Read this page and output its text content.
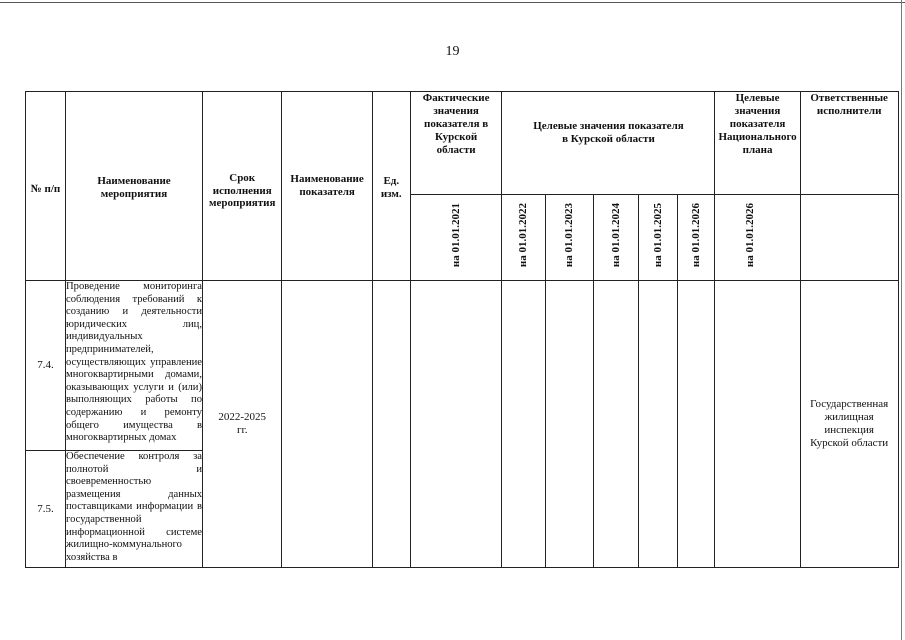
19
№ п/п	Наименование мероприятия	Срок исполнения мероприятия	Наименование показателя	Ед. изм.	Фактические значения показателя в Курской области	Целевые значения показателя в Курской области					Целевые значения показателя Национального плана	Ответственные исполнители

					на 01.01.2021	на 01.01.2022	на 01.01.2023	на 01.01.2024	на 01.01.2025	на 01.01.2026	на 01.01.2026	
7.4.	Проведение мониторинга соблюдения требований к созданию и деятельности юридических лиц, индивидуальных предпринимателей, осуществляющих управление многоквартирными домами, оказывающих услуги и (или) выполняющих работы по содержанию и ремонту общего имущества в многоквартирных домах	2022-2025 гг.										Государственная жилищная инспекция Курской области

7.5.	Обеспечение контроля за полнотой и своевременностью размещения данных поставщиками информации в государственной информационной системе жилищно-коммунального хозяйства в											
